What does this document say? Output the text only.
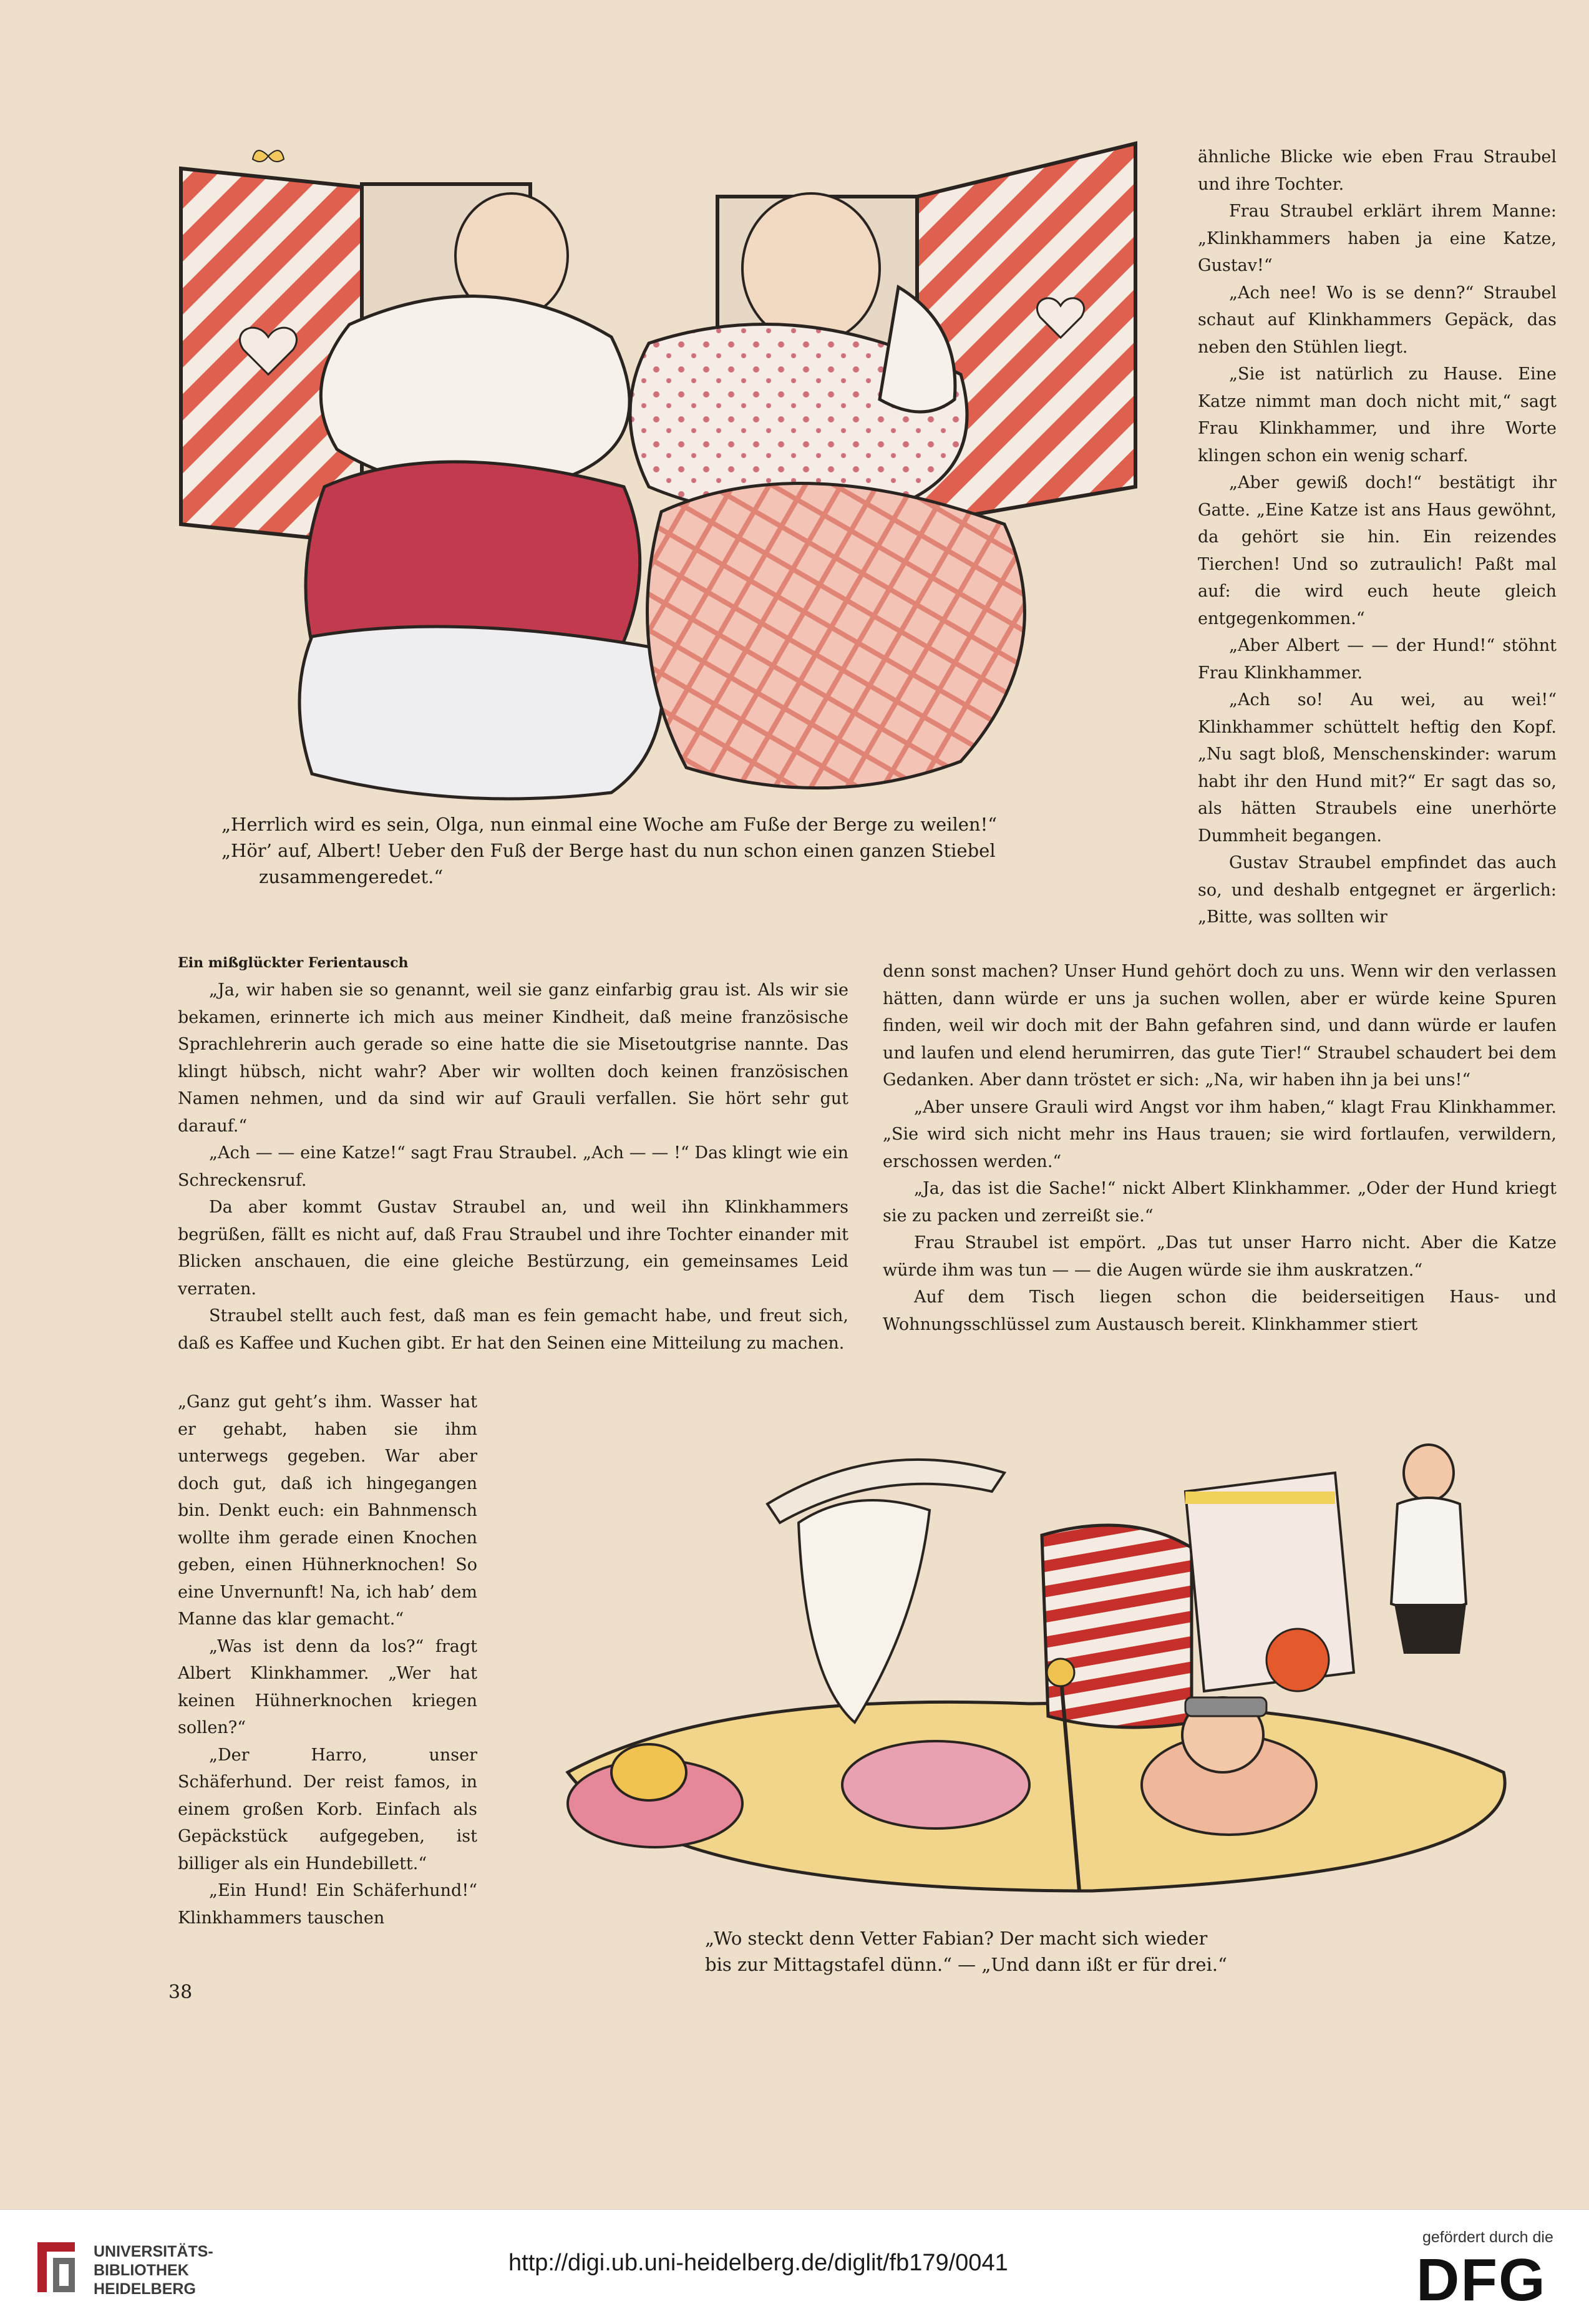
„Herrlich wird es sein, Olga, nun einmal eine Woche am Fuße der Berge zu weilen!“

„Hör’ auf, Albert! Ueber den Fuß der Berge hast du nun schon einen ganzen Stiebel

zusammengeredet.“

ähnliche Blicke wie eben Frau Straubel und ihre Tochter.

Frau Straubel erklärt ihrem Manne: „Klinkhammers haben ja eine Katze, Gustav!“

„Ach nee! Wo is se denn?“ Straubel schaut auf Klinkhammers Gepäck, das neben den Stühlen liegt.

„Sie ist natürlich zu Hause. Eine Katze nimmt man doch nicht mit,“ sagt Frau Klinkhammer, und ihre Worte klingen schon ein wenig scharf.

„Aber gewiß doch!“ bestätigt ihr Gatte. „Eine Katze ist ans Haus gewöhnt, da gehört sie hin. Ein reizendes Tierchen! Und so zutraulich! Paßt mal auf: die wird euch heute gleich entgegenkommen.“

„Aber Albert — — der Hund!“ stöhnt Frau Klinkhammer.

„Ach so! Au wei, au wei!“ Klinkhammer schüttelt heftig den Kopf. „Nu sagt bloß, Menschenskinder: warum habt ihr den Hund mit?“ Er sagt das so, als hätten Straubels eine unerhörte Dummheit begangen.

Gustav Straubel empfindet das auch so, und deshalb entgegnet er ärgerlich: „Bitte, was sollten wir

Ein mißglückter Ferientausch

„Ja, wir haben sie so genannt, weil sie ganz einfarbig grau ist. Als wir sie bekamen, erinnerte ich mich aus meiner Kindheit, daß meine französische Sprachlehrerin auch gerade so eine hatte die sie Misetoutgrise nannte. Das klingt hübsch, nicht wahr? Aber wir wollten doch keinen französischen Namen nehmen, und da sind wir auf Grauli verfallen. Sie hört sehr gut darauf.“

„Ach — — eine Katze!“ sagt Frau Straubel. „Ach — — !“ Das klingt wie ein Schreckensruf.

Da aber kommt Gustav Straubel an, und weil ihn Klinkhammers begrüßen, fällt es nicht auf, daß Frau Straubel und ihre Tochter einander mit Blicken anschauen, die eine gleiche Bestürzung, ein gemeinsames Leid verraten.

Straubel stellt auch fest, daß man es fein gemacht habe, und freut sich, daß es Kaffee und Kuchen gibt. Er hat den Seinen eine Mitteilung zu machen.

denn sonst machen? Unser Hund gehört doch zu uns. Wenn wir den verlassen hätten, dann würde er uns ja suchen wollen, aber er würde keine Spuren finden, weil wir doch mit der Bahn gefahren sind, und dann würde er laufen und laufen und elend herumirren, das gute Tier!“ Straubel schaudert bei dem Gedanken. Aber dann tröstet er sich: „Na, wir haben ihn ja bei uns!“

„Aber unsere Grauli wird Angst vor ihm haben,“ klagt Frau Klinkhammer. „Sie wird sich nicht mehr ins Haus trauen; sie wird fortlaufen, verwildern, erschossen werden.“

„Ja, das ist die Sache!“ nickt Albert Klinkhammer. „Oder der Hund kriegt sie zu packen und zerreißt sie.“

Frau Straubel ist empört. „Das tut unser Harro nicht. Aber die Katze würde ihm was tun — — die Augen würde sie ihm auskratzen.“

Auf dem Tisch liegen schon die beiderseitigen Haus- und Wohnungsschlüssel zum Austausch bereit. Klinkhammer stiert

„Ganz gut geht’s ihm. Wasser hat er gehabt, haben sie ihm unterwegs gegeben. War aber doch gut, daß ich hingegangen bin. Denkt euch: ein Bahnmensch wollte ihm gerade einen Knochen geben, einen Hühnerknochen! So eine Unvernunft! Na, ich hab’ dem Manne das klar gemacht.“

„Was ist denn da los?“ fragt Albert Klinkhammer. „Wer hat keinen Hühnerknochen kriegen sollen?“

„Der Harro, unser Schäferhund. Der reist famos, in einem großen Korb. Einfach als Gepäckstück aufgegeben, ist billiger als ein Hundebillett.“

„Ein Hund! Ein Schäferhund!“ Klinkhammers tauschen

„Wo steckt denn Vetter Fabian? Der macht sich wieder

bis zur Mittagstafel dünn.“ — „Und dann ißt er für drei.“

38
UNIVERSITÄTS-
BIBLIOTHEK
HEIDELBERG
http://digi.ub.uni-heidelberg.de/diglit/fb179/0041
gefördert durch die
DFG
